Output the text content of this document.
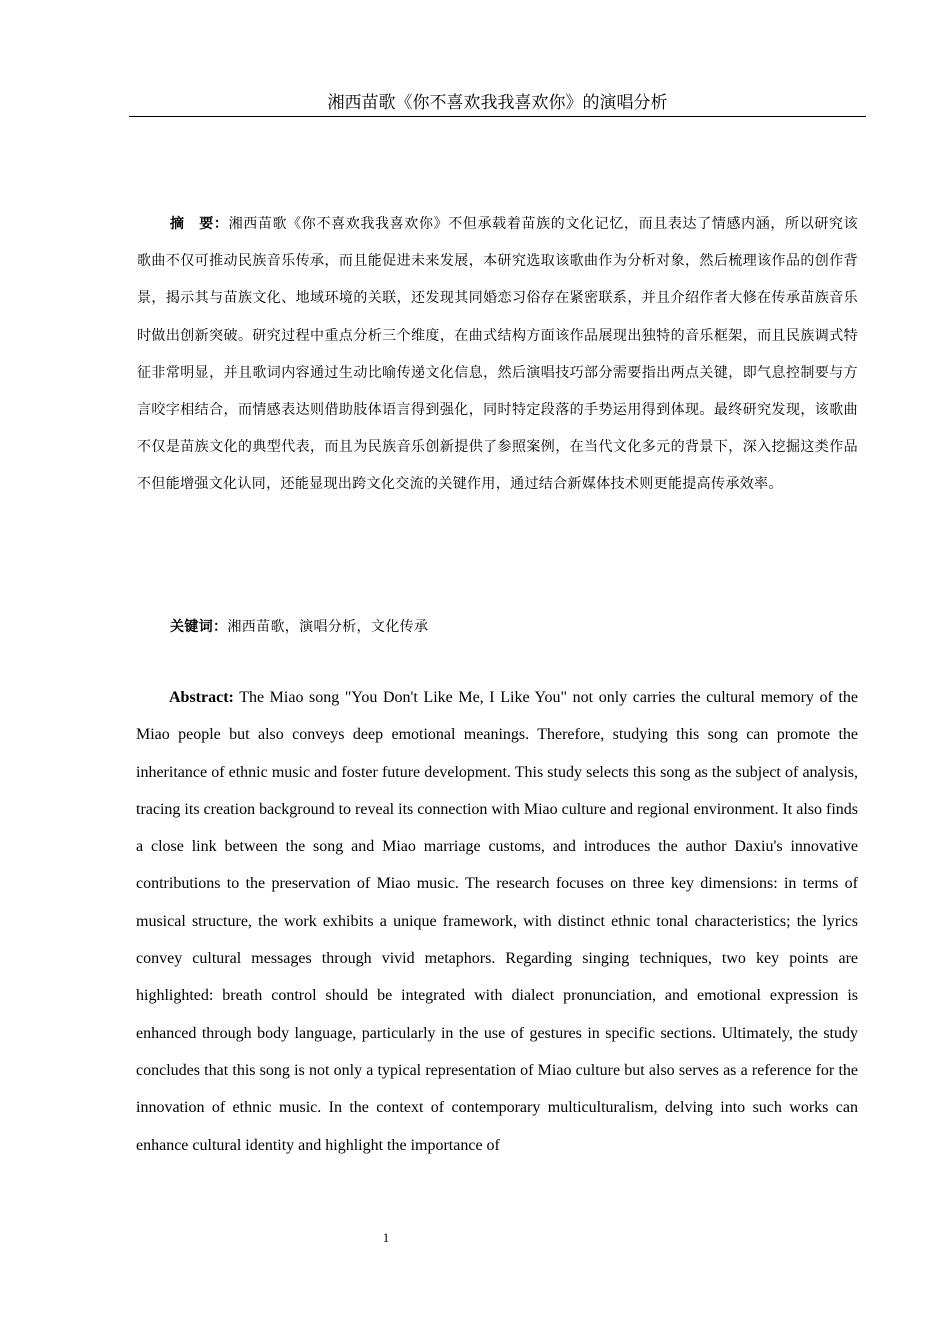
湘西苗歌《你不喜欢我我喜欢你》的演唱分析

摘　要：湘西苗歌《你不喜欢我我喜欢你》不但承载着苗族的文化记忆，而且表达了情感内涵，所以研究该歌曲不仅可推动民族音乐传承，而且能促进未来发展，本研究选取该歌曲作为分析对象，然后梳理该作品的创作背景，揭示其与苗族文化、地域环境的关联，还发现其同婚恋习俗存在紧密联系，并且介绍作者大修在传承苗族音乐时做出创新突破。研究过程中重点分析三个维度，在曲式结构方面该作品展现出独特的音乐框架，而且民族调式特征非常明显，并且歌词内容通过生动比喻传递文化信息，然后演唱技巧部分需要指出两点关键，即气息控制要与方言咬字相结合，而情感表达则借助肢体语言得到强化，同时特定段落的手势运用得到体现。最终研究发现，该歌曲不仅是苗族文化的典型代表，而且为民族音乐创新提供了参照案例，在当代文化多元的背景下，深入挖掘这类作品不但能增强文化认同，还能显现出跨文化交流的关键作用，通过结合新媒体技术则更能提高传承效率。

关键词：湘西苗歌，演唱分析，文化传承

Abstract: The Miao song "You Don't Like Me, I Like You" not only carries the cultural memory of the Miao people but also conveys deep emotional meanings. Therefore, studying this song can promote the inheritance of ethnic music and foster future development. This study selects this song as the subject of analysis, tracing its creation background to reveal its connection with Miao culture and regional environment. It also finds a close link between the song and Miao marriage customs, and introduces the author Daxiu's innovative contributions to the preservation of Miao music. The research focuses on three key dimensions: in terms of musical structure, the work exhibits a unique framework, with distinct ethnic tonal characteristics; the lyrics convey cultural messages through vivid metaphors. Regarding singing techniques, two key points are highlighted: breath control should be integrated with dialect pronunciation, and emotional expression is enhanced through body language, particularly in the use of gestures in specific sections. Ultimately, the study concludes that this song is not only a typical representation of Miao culture but also serves as a reference for the innovation of ethnic music. In the context of contemporary multiculturalism, delving into such works can enhance cultural identity and highlight the importance of

1
